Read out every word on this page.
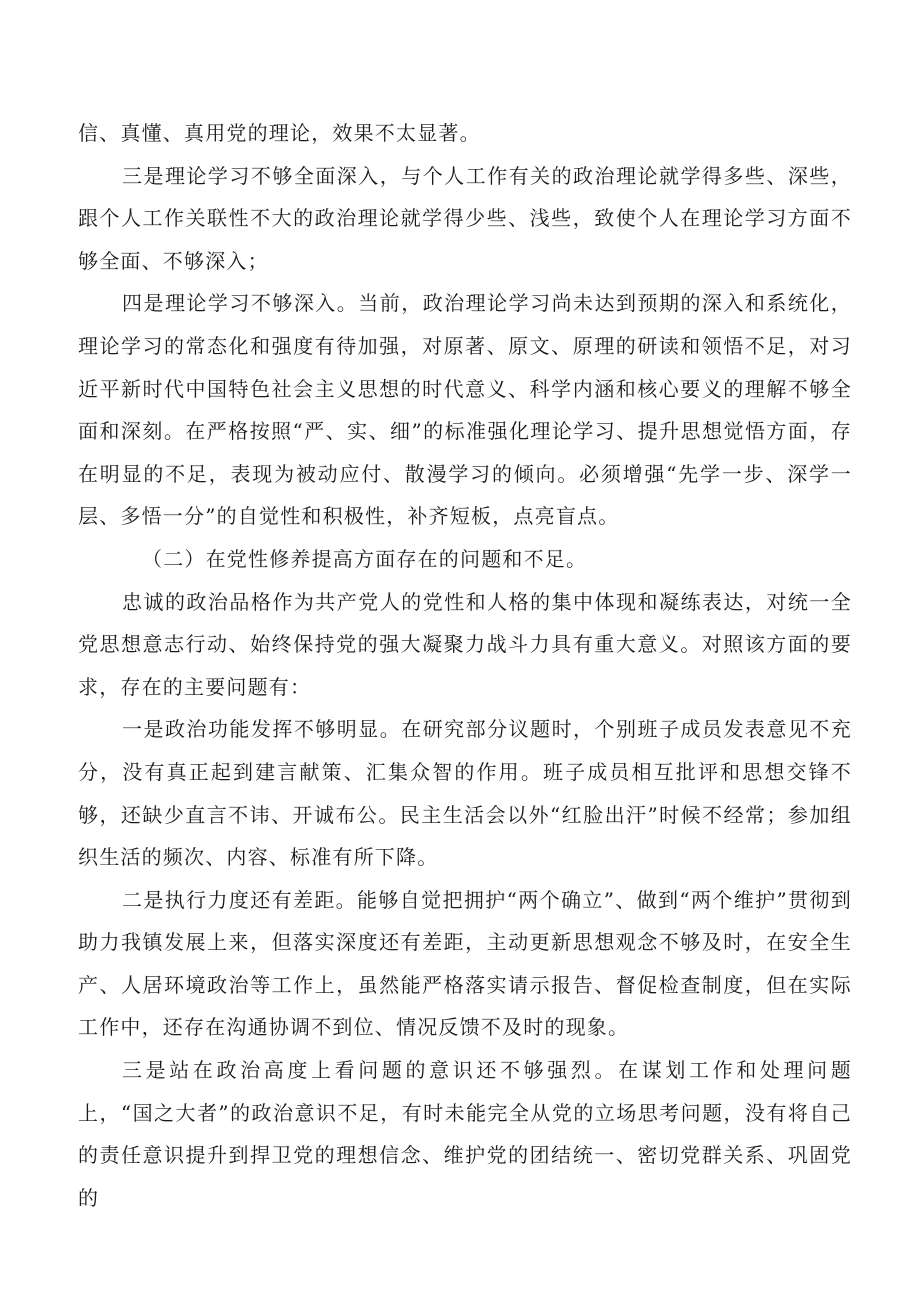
信、真懂、真用党的理论，效果不太显著。

三是理论学习不够全面深入，与个人工作有关的政治理论就学得多些、深些，跟个人工作关联性不大的政治理论就学得少些、浅些，致使个人在理论学习方面不够全面、不够深入；

四是理论学习不够深入。当前，政治理论学习尚未达到预期的深入和系统化，理论学习的常态化和强度有待加强，对原著、原文、原理的研读和领悟不足，对习近平新时代中国特色社会主义思想的时代意义、科学内涵和核心要义的理解不够全面和深刻。在严格按照“严、实、细”的标准强化理论学习、提升思想觉悟方面，存在明显的不足，表现为被动应付、散漫学习的倾向。必须增强“先学一步、深学一层、多悟一分”的自觉性和积极性，补齐短板，点亮盲点。

（二）在党性修养提高方面存在的问题和不足。

忠诚的政治品格作为共产党人的党性和人格的集中体现和凝练表达，对统一全党思想意志行动、始终保持党的强大凝聚力战斗力具有重大意义。对照该方面的要求，存在的主要问题有：

一是政治功能发挥不够明显。在研究部分议题时，个别班子成员发表意见不充分，没有真正起到建言献策、汇集众智的作用。班子成员相互批评和思想交锋不够，还缺少直言不讳、开诚布公。民主生活会以外“红脸出汗”时候不经常；参加组织生活的频次、内容、标准有所下降。

二是执行力度还有差距。能够自觉把拥护“两个确立”、做到“两个维护”贯彻到助力我镇发展上来，但落实深度还有差距，主动更新思想观念不够及时，在安全生产、人居环境政治等工作上，虽然能严格落实请示报告、督促检查制度，但在实际工作中，还存在沟通协调不到位、情况反馈不及时的现象。

三是站在政治高度上看问题的意识还不够强烈。在谋划工作和处理问题上，“国之大者”的政治意识不足，有时未能完全从党的立场思考问题，没有将自己的责任意识提升到捍卫党的理想信念、维护党的团结统一、密切党群关系、巩固党的
